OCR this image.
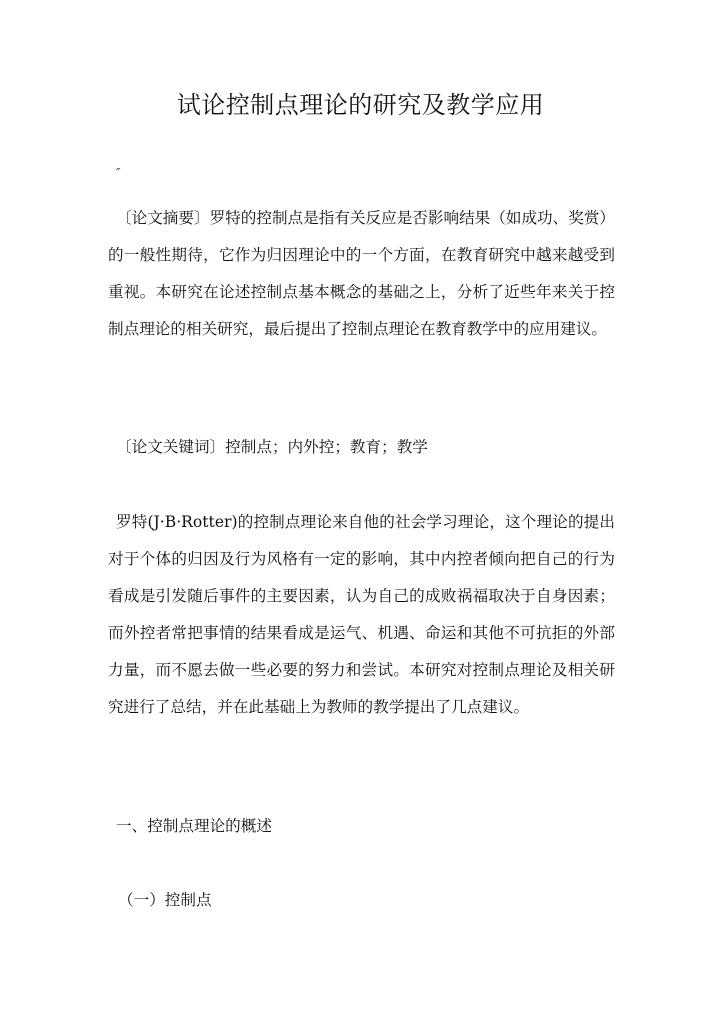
试论控制点理论的研究及教学应用
″
〔论文摘要〕罗特的控制点是指有关反应是否影响结果（如成功、奖赏）的一般性期待，它作为归因理论中的一个方面，在教育研究中越来越受到重视。本研究在论述控制点基本概念的基础之上，分析了近些年来关于控制点理论的相关研究，最后提出了控制点理论在教育教学中的应用建议。
〔论文关键词〕控制点；内外控；教育；教学
罗特(J·B·Rotter)的控制点理论来自他的社会学习理论，这个理论的提出对于个体的归因及行为风格有一定的影响，其中内控者倾向把自己的行为看成是引发随后事件的主要因素，认为自己的成败祸福取决于自身因素；而外控者常把事情的结果看成是运气、机遇、命运和其他不可抗拒的外部力量，而不愿去做一些必要的努力和尝试。本研究对控制点理论及相关研究进行了总结，并在此基础上为教师的教学提出了几点建议。
一、控制点理论的概述
（一）控制点
